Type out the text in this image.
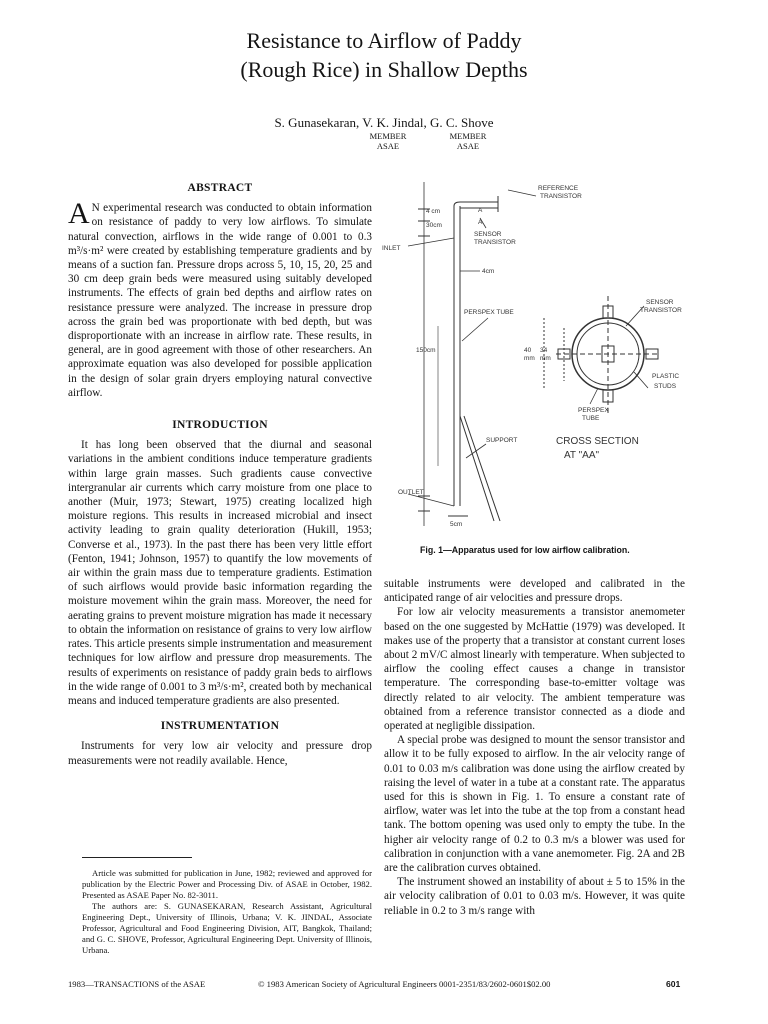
Resistance to Airflow of Paddy
(Rough Rice) in Shallow Depths
S. Gunasekaran, V. K. Jindal, G. C. Shove
MEMBER
ASAE
MEMBER
ASAE
ABSTRACT

A N experimental research was conducted to obtain information on resistance of paddy to very low airflows. To simulate natural convection, airflows in the wide range of 0.001 to 0.3 m³/s·m² were created by establishing temperature gradients and by means of a suction fan. Pressure drops across 5, 10, 15, 20, 25 and 30 cm deep grain beds were measured using suitably developed instruments. The effects of grain bed depths and airflow rates on resistance pressure were analyzed. The increase in pressure drop across the grain bed was proportionate with bed depth, but was disproportionate with an increase in airflow rate. These results, in general, are in good agreement with those of other researchers. An approximate equation was also developed for possible application in the design of solar grain dryers employing natural convective airflow.

INTRODUCTION

It has long been observed that the diurnal and seasonal variations in the ambient conditions induce temperature gradients within large grain masses. Such gradients cause convective intergranular air currents which carry moisture from one place to another (Muir, 1973; Stewart, 1975) creating localized high moisture regions. This results in increased microbial and insect activity leading to grain quality deterioration (Hukill, 1953; Converse et al., 1973). In the past there has been very little effort (Fenton, 1941; Johnson, 1957) to quantify the low movements of air within the grain mass due to temperature gradients. Estimation of such airflows would provide basic information regarding the moisture movement wihin the grain mass. Moreover, the need for aerating grains to prevent moisture migration has made it necessary to obtain the information on resistance of grains to very low airflow rates. This article presents simple instrumentation and measurement techniques for low airflow and pressure drop measurements. The results of experiments on resistance of paddy grain beds to airflows in the wide range of 0.001 to 3 m³/s·m², created both by mechanical means and induced temperature gradients are also presented.

INSTRUMENTATION

Instruments for very low air velocity and pressure drop measurements were not readily available. Hence,

Article was submitted for publication in June, 1982; reviewed and approved for publication by the Electric Power and Processing Div. of ASAE in October, 1982. Presented as ASAE Paper No. 82-3011.

The authors are: S. GUNASEKARAN, Research Assistant, Agricultural Engineering Dept., University of Illinois, Urbana; V. K. JINDAL, Associate Professor, Agricultural and Food Engineering Division, AIT, Bangkok, Thailand; and G. C. SHOVE, Professor, Agricultural Engineering Dept. University of Illinois, Urbana.

REFERENCE
TRANSISTOR
A
A
SENSOR
TRANSISTOR
4 cm
30cm
INLET
4cm
PERSPEX TUBE
150cm	40
mm
34
mm
SENSOR
TRANSISTOR
PLASTIC
STUDS
PERSPEX
TUBE
SUPPORT
OUTLET
5cm
CROSS SECTION
AT "AA"
Fig. 1—Apparatus used for low airflow calibration.

suitable instruments were developed and calibrated in the anticipated range of air velocities and pressure drops.

For low air velocity measurements a transistor anemometer based on the one suggested by McHattie (1979) was developed. It makes use of the property that a transistor at constant current loses about 2 mV/C almost linearly with temperature. When subjected to airflow the cooling effect causes a change in transistor temperature. The corresponding base-to-emitter voltage was directly related to air velocity. The ambient temperature was obtained from a reference transistor connected as a diode and operated at negligible dissipation.

A special probe was designed to mount the sensor transistor and allow it to be fully exposed to airflow. In the air velocity range of 0.01 to 0.03 m/s calibration was done using the airflow created by raising the level of water in a tube at a constant rate. The apparatus used for this is shown in Fig. 1. To ensure a constant rate of airflow, water was let into the tube at the top from a constant head tank. The bottom opening was used only to empty the tube. In the higher air velocity range of 0.2 to 0.3 m/s a blower was used for calibration in conjunction with a vane anemometer. Fig. 2A and 2B are the calibration curves obtained.

The instrument showed an instability of about ± 5 to 15% in the air velocity calibration of 0.01 to 0.03 m/s. However, it was quite reliable in 0.2 to 3 m/s range with

1983—TRANSACTIONS of the ASAE	© 1983 American Society of Agricultural Engineers 0001-2351/83/2602-0601$02.00	601
